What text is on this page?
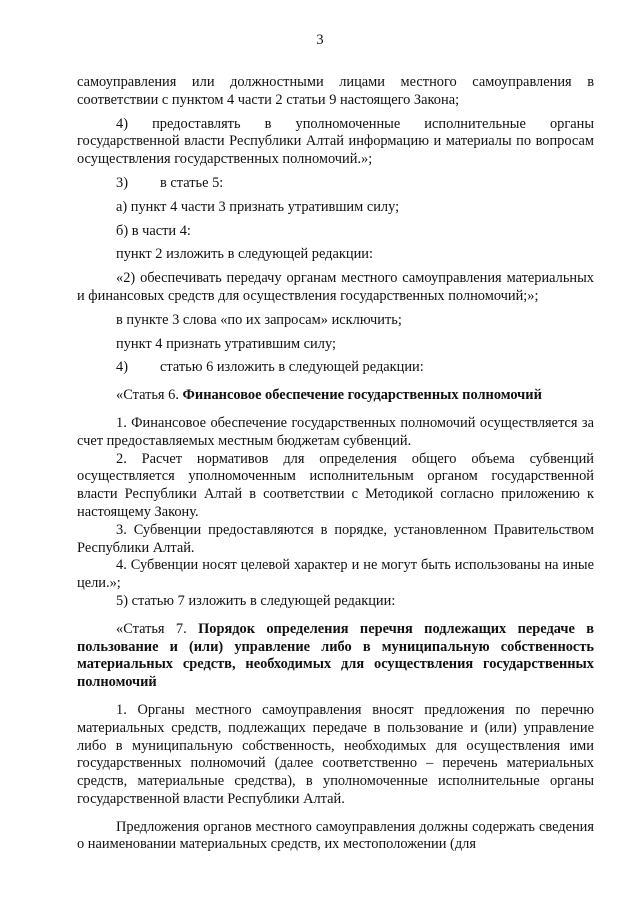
3

самоуправления или должностными лицами местного самоуправления в соответствии с пунктом 4 части 2 статьи 9 настоящего Закона;

4) предоставлять в уполномоченные исполнительные органы государственной власти Республики Алтай информацию и материалы по вопросам осуществления государственных полномочий.»;

3) в статье 5:

а) пункт 4 части 3 признать утратившим силу;

б) в части 4:

пункт 2 изложить в следующей редакции:

«2) обеспечивать передачу органам местного самоуправления материальных и финансовых средств для осуществления государственных полномочий;»;

в пункте 3 слова «по их запросам» исключить;

пункт 4 признать утратившим силу;

4) статью 6 изложить в следующей редакции:

«Статья 6. Финансовое обеспечение государственных полномочий

1. Финансовое обеспечение государственных полномочий осуществляется за счет предоставляемых местным бюджетам субвенций.

2. Расчет нормативов для определения общего объема субвенций осуществляется уполномоченным исполнительным органом государственной власти Республики Алтай в соответствии с Методикой согласно приложению к настоящему Закону.

3. Субвенции предоставляются в порядке, установленном Правительством Республики Алтай.

4. Субвенции носят целевой характер и не могут быть использованы на иные цели.»;

5) статью 7 изложить в следующей редакции:

«Статья 7. Порядок определения перечня подлежащих передаче в пользование и (или) управление либо в муниципальную собственность материальных средств, необходимых для осуществления государственных полномочий

1. Органы местного самоуправления вносят предложения по перечню материальных средств, подлежащих передаче в пользование и (или) управление либо в муниципальную собственность, необходимых для осуществления ими государственных полномочий (далее соответственно – перечень материальных средств, материальные средства), в уполномоченные исполнительные органы государственной власти Республики Алтай.

Предложения органов местного самоуправления должны содержать сведения о наименовании материальных средств, их местоположении (для
